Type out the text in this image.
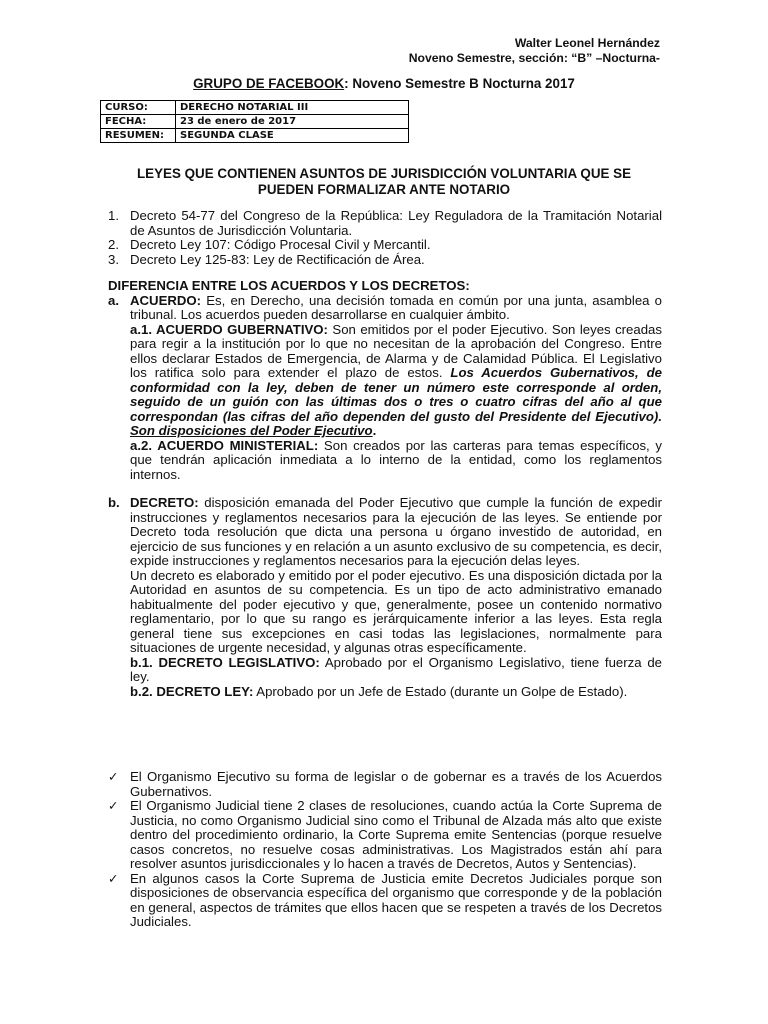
Walter Leonel Hernández
Noveno Semestre, sección: “B” –Nocturna-
GRUPO DE FACEBOOK: Noveno Semestre B Nocturna 2017
CURSO:	DERECHO NOTARIAL III
FECHA:	23 de enero de 2017
RESUMEN:	SEGUNDA CLASE
LEYES QUE CONTIENEN ASUNTOS DE JURISDICCIÓN VOLUNTARIA QUE SE PUEDEN FORMALIZAR ANTE NOTARIO
1. Decreto 54-77 del Congreso de la República: Ley Reguladora de la Tramitación Notarial de Asuntos de Jurisdicción Voluntaria.
2. Decreto Ley 107: Código Procesal Civil y Mercantil.
3. Decreto Ley 125-83: Ley de Rectificación de Área.
DIFERENCIA ENTRE LOS ACUERDOS Y LOS DECRETOS:
a. ACUERDO: Es, en Derecho, una decisión tomada en común por una junta, asamblea o tribunal. Los acuerdos pueden desarrollarse en cualquier ámbito.
a.1. ACUERDO GUBERNATIVO: Son emitidos por el poder Ejecutivo. Son leyes creadas para regir a la institución por lo que no necesitan de la aprobación del Congreso. Entre ellos declarar Estados de Emergencia, de Alarma y de Calamidad Pública. El Legislativo los ratifica solo para extender el plazo de estos. Los Acuerdos Gubernativos, de conformidad con la ley, deben de tener un número este corresponde al orden, seguido de un guión con las últimas dos o tres o cuatro cifras del año al que correspondan (las cifras del año dependen del gusto del Presidente del Ejecutivo). Son disposiciones del Poder Ejecutivo.
a.2. ACUERDO MINISTERIAL: Son creados por las carteras para temas específicos, y que tendrán aplicación inmediata a lo interno de la entidad, como los reglamentos internos.
b. DECRETO: disposición emanada del Poder Ejecutivo que cumple la función de expedir instrucciones y reglamentos necesarios para la ejecución de las leyes. Se entiende por Decreto toda resolución que dicta una persona u órgano investido de autoridad, en ejercicio de sus funciones y en relación a un asunto exclusivo de su competencia, es decir, expide instrucciones y reglamentos necesarios para la ejecución delas leyes.
Un decreto es elaborado y emitido por el poder ejecutivo. Es una disposición dictada por la Autoridad en asuntos de su competencia. Es un tipo de acto administrativo emanado habitualmente del poder ejecutivo y que, generalmente, posee un contenido normativo reglamentario, por lo que su rango es jerárquicamente inferior a las leyes. Esta regla general tiene sus excepciones en casi todas las legislaciones, normalmente para situaciones de urgente necesidad, y algunas otras específicamente.
b.1. DECRETO LEGISLATIVO: Aprobado por el Organismo Legislativo, tiene fuerza de ley.
b.2. DECRETO LEY: Aprobado por un Jefe de Estado (durante un Golpe de Estado).
✓ El Organismo Ejecutivo su forma de legislar o de gobernar es a través de los Acuerdos Gubernativos.
✓ El Organismo Judicial tiene 2 clases de resoluciones, cuando actúa la Corte Suprema de Justicia, no como Organismo Judicial sino como el Tribunal de Alzada más alto que existe dentro del procedimiento ordinario, la Corte Suprema emite Sentencias (porque resuelve casos concretos, no resuelve cosas administrativas. Los Magistrados están ahí para resolver asuntos jurisdiccionales y lo hacen a través de Decretos, Autos y Sentencias).
✓ En algunos casos la Corte Suprema de Justicia emite Decretos Judiciales porque son disposiciones de observancia específica del organismo que corresponde y de la población en general, aspectos de trámites que ellos hacen que se respeten a través de los Decretos Judiciales.
